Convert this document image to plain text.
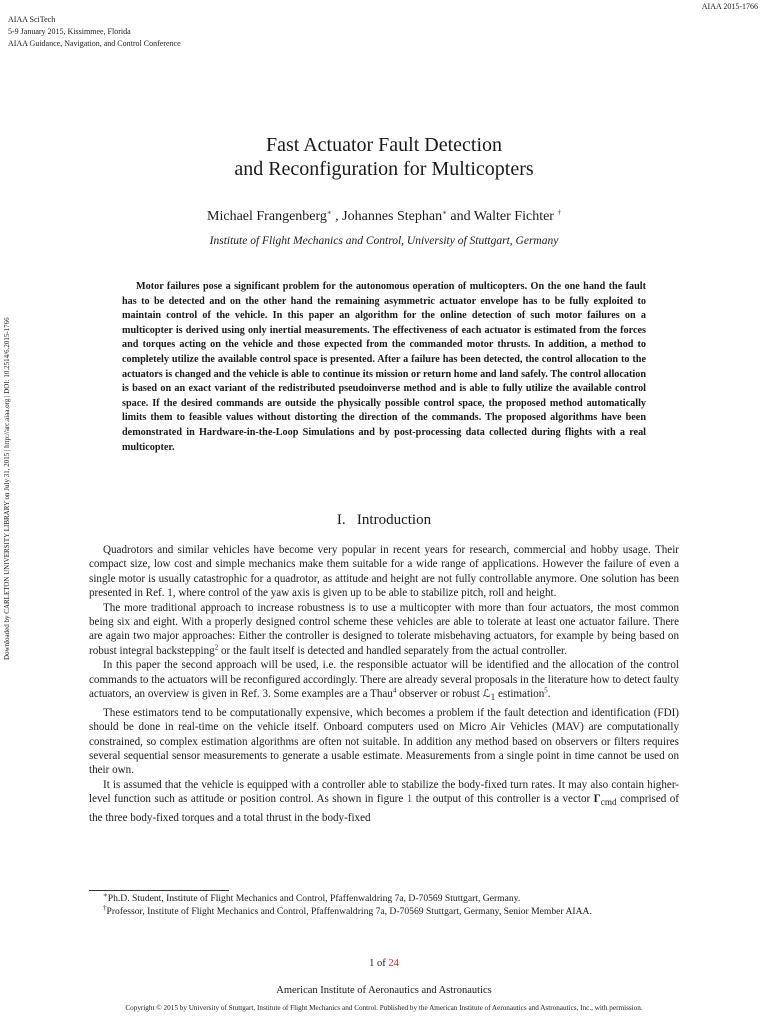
AIAA 2015-1766
AIAA SciTech
5-9 January 2015, Kissimmee, Florida
AIAA Guidance, Navigation, and Control Conference
Downloaded by CARLETON UNIVERSITY LIBRARY on July 31, 2015 | http://arc.aiaa.org | DOI: 10.2514/6.2015-1766
Fast Actuator Fault Detection
and Reconfiguration for Multicopters
Michael Frangenberg∗ , Johannes Stephan∗ and Walter Fichter †
Institute of Flight Mechanics and Control, University of Stuttgart, Germany

Motor failures pose a significant problem for the autonomous operation of multicopters. On the one hand the fault has to be detected and on the other hand the remaining asymmetric actuator envelope has to be fully exploited to maintain control of the vehicle. In this paper an algorithm for the online detection of such motor failures on a multicopter is derived using only inertial measurements. The effectiveness of each actuator is estimated from the forces and torques acting on the vehicle and those expected from the commanded motor thrusts. In addition, a method to completely utilize the available control space is presented. After a failure has been detected, the control allocation to the actuators is changed and the vehicle is able to continue its mission or return home and land safely. The control allocation is based on an exact variant of the redistributed pseudoinverse method and is able to fully utilize the available control space. If the desired commands are outside the physically possible control space, the proposed method automatically limits them to feasible values without distorting the direction of the commands. The proposed algorithms have been demonstrated in Hardware-in-the-Loop Simulations and by post-processing data collected during flights with a real multicopter.

I. Introduction

Quadrotors and similar vehicles have become very popular in recent years for research, commercial and hobby usage. Their compact size, low cost and simple mechanics make them suitable for a wide range of applications. However the failure of even a single motor is usually catastrophic for a quadrotor, as attitude and height are not fully controllable anymore. One solution has been presented in Ref. 1, where control of the yaw axis is given up to be able to stabilize pitch, roll and height.

The more traditional approach to increase robustness is to use a multicopter with more than four actuators, the most common being six and eight. With a properly designed control scheme these vehicles are able to tolerate at least one actuator failure. There are again two major approaches: Either the controller is designed to tolerate misbehaving actuators, for example by being based on robust integral backstepping$^2$ or the fault itself is detected and handled separately from the actual controller.

In this paper the second approach will be used, i.e. the responsible actuator will be identified and the allocation of the control commands to the actuators will be reconfigured accordingly. There are already several proposals in the literature how to detect faulty actuators, an overview is given in Ref. 3. Some examples are a Thau$^4$ observer or robust ℒ$_1$ estimation$^5$.

These estimators tend to be computationally expensive, which becomes a problem if the fault detection and identification (FDI) should be done in real-time on the vehicle itself. Onboard computers used on Micro Air Vehicles (MAV) are computationally constrained, so complex estimation algorithms are often not suitable. In addition any method based on observers or filters requires several sequential sensor measurements to generate a usable estimate. Measurements from a single point in time cannot be used on their own.

It is assumed that the vehicle is equipped with a controller able to stabilize the body-fixed turn rates. It may also contain higher-level function such as attitude or position control. As shown in figure 1 the output of this controller is a vector $\Gamma_{cmd}$ comprised of the three body-fixed torques and a total thrust in the body-fixed

∗Ph.D. Student, Institute of Flight Mechanics and Control, Pfaffenwaldring 7a, D-70569 Stuttgart, Germany.
†Professor, Institute of Flight Mechanics and Control, Pfaffenwaldring 7a, D-70569 Stuttgart, Germany, Senior Member AIAA.
1 of 24
American Institute of Aeronautics and Astronautics
Copyright © 2015 by University of Stuttgart, Institute of Flight Mechanics and Control. Published by the American Institute of Aeronautics and Astronautics, Inc., with permission.
